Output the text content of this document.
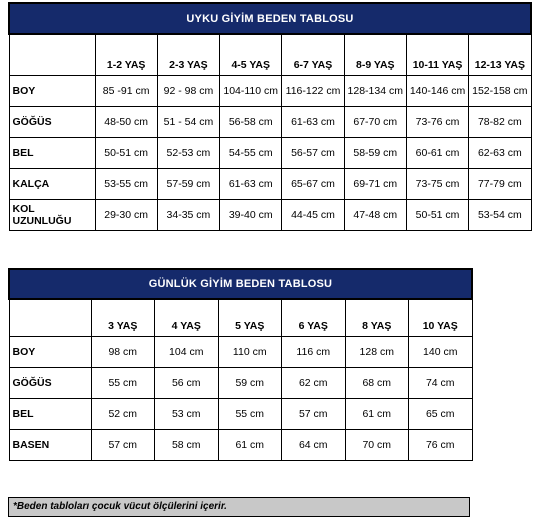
UYKU GİYİM BEDEN TABLOSU							
	1-2 YAŞ	2-3 YAŞ	4-5 YAŞ	6-7 YAŞ	8-9 YAŞ	10-11 YAŞ	12-13 YAŞ
BOY	85 -91 cm	92 - 98 cm	104-110 cm	116-122 cm	128-134 cm	140-146 cm	152-158 cm
GÖĞÜS	48-50 cm	51 - 54 cm	56-58 cm	61-63 cm	67-70 cm	73-76 cm	78-82 cm
BEL	50-51 cm	52-53 cm	54-55 cm	56-57 cm	58-59 cm	60-61 cm	62-63 cm
KALÇA	53-55 cm	57-59 cm	61-63 cm	65-67 cm	69-71 cm	73-75 cm	77-79 cm
KOL UZUNLUĞU	29-30 cm	34-35 cm	39-40 cm	44-45 cm	47-48 cm	50-51 cm	53-54 cm
GÜNLÜK GİYİM BEDEN TABLOSU						
	3 YAŞ	4 YAŞ	5 YAŞ	6 YAŞ	8 YAŞ	10 YAŞ
BOY	98 cm	104 cm	110 cm	116 cm	128 cm	140 cm
GÖĞÜS	55 cm	56 cm	59 cm	62 cm	68 cm	74 cm
BEL	52 cm	53 cm	55 cm	57 cm	61 cm	65 cm
BASEN	57 cm	58 cm	61 cm	64 cm	70 cm	76 cm
*Beden tabloları çocuk vücut ölçülerini içerir.
